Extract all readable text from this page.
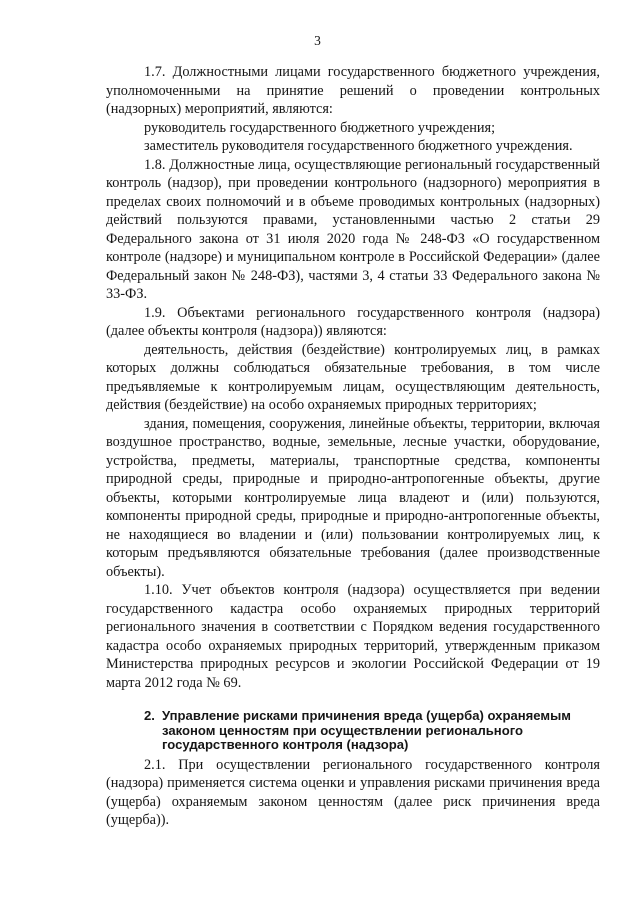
3

1.7. Должностными лицами государственного бюджетного учреждения, уполномоченными на принятие решений о проведении контрольных (надзорных) мероприятий, являются:

руководитель государственного бюджетного учреждения;

заместитель руководителя государственного бюджетного учреждения.

1.8. Должностные лица, осуществляющие региональный государственный контроль (надзор), при проведении контрольного (надзорного) мероприятия в пределах своих полномочий и в объеме проводимых контрольных (надзорных) действий пользуются правами, установленными частью 2 статьи 29 Федерального закона от 31 июля 2020 года № 248-ФЗ «О государственном контроле (надзоре) и муниципальном контроле в Российской Федерации» (далее Федеральный закон № 248-ФЗ), частями 3, 4 статьи 33 Федерального закона № 33-ФЗ.

1.9. Объектами регионального государственного контроля (надзора) (далее объекты контроля (надзора)) являются:

деятельность, действия (бездействие) контролируемых лиц, в рамках которых должны соблюдаться обязательные требования, в том числе предъявляемые к контролируемым лицам, осуществляющим деятельность, действия (бездействие) на особо охраняемых природных территориях;

здания, помещения, сооружения, линейные объекты, территории, включая воздушное пространство, водные, земельные, лесные участки, оборудование, устройства, предметы, материалы, транспортные средства, компоненты природной среды, природные и природно-антропогенные объекты, другие объекты, которыми контролируемые лица владеют и (или) пользуются, компоненты природной среды, природные и природно-антропогенные объекты, не находящиеся во владении и (или) пользовании контролируемых лиц, к которым предъявляются обязательные требования (далее производственные объекты).

1.10. Учет объектов контроля (надзора) осуществляется при ведении государственного кадастра особо охраняемых природных территорий регионального значения в соответствии с Порядком ведения государственного кадастра особо охраняемых природных территорий, утвержденным приказом Министерства природных ресурсов и экологии Российской Федерации от 19 марта 2012 года № 69.

2. Управление рисками причинения вреда (ущерба) охраняемым законом ценностям при осуществлении регионального государственного контроля (надзора)

2.1. При осуществлении регионального государственного контроля (надзора) применяется система оценки и управления рисками причинения вреда (ущерба) охраняемым законом ценностям (далее риск причинения вреда (ущерба)).
